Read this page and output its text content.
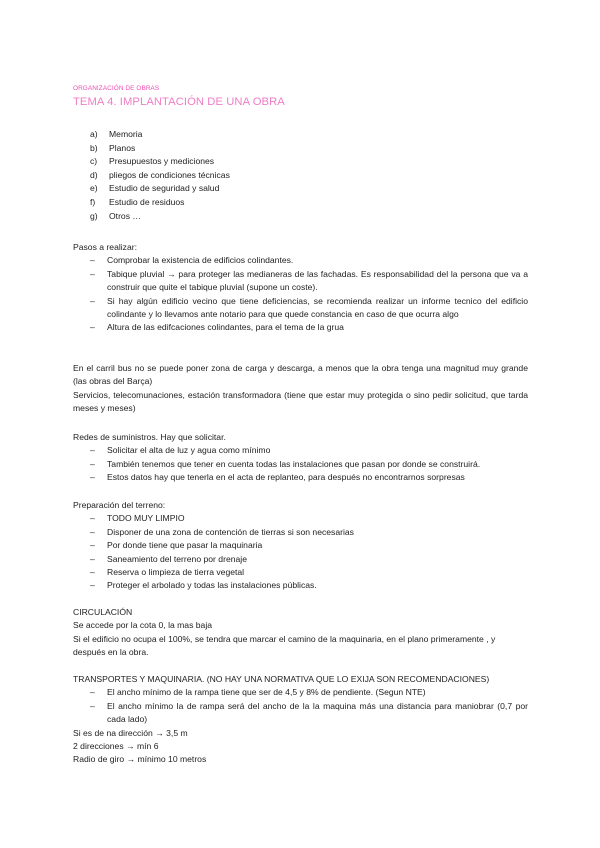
ORGANIZACIÓN DE OBRAS
TEMA 4. IMPLANTACIÓN DE UNA OBRA
a)	Memoria
b)	Planos
c)	Presupuestos y mediciones
d)	pliegos de condiciones técnicas
e)	Estudio de seguridad y salud
f)	Estudio de residuos
g)	Otros …

Pasos a realizar:

– Comprobar la existencia de edificios colindantes.
– Tabique pluvial → para proteger las medianeras de las fachadas. Es responsabilidad del la persona que va a construir que quite el tabique pluvial (supone un coste).
– Si hay algún edificio vecino que tiene deficiencias, se recomienda realizar un informe tecnico del edificio colindante y lo llevamos ante notario para que quede constancia en caso de que ocurra algo
– Altura de las edifcaciones colindantes, para el tema de la grua

En el carril bus no se puede poner zona de carga y descarga, a menos que la obra tenga una magnitud muy grande (las obras del Barça)

Servicios, telecomunaciones, estación transformadora (tiene que estar muy protegida o sino pedir solicitud, que tarda meses y meses)

Redes de suministros. Hay que solicitar.

– Solicitar el alta de luz y agua como mínimo
– También tenemos que tener en cuenta todas las instalaciones que pasan por donde se construirá.
– Estos datos hay que tenerla en el acta de replanteo, para después no encontrarnos sorpresas

Preparación del terreno:

– TODO MUY LIMPIO
– Disponer de una zona de contención de tierras si son necesarias
– Por donde tiene que pasar la maquinaria
– Saneamiento del terreno por drenaje
– Reserva o limpieza de tierra vegetal
– Proteger el arbolado y todas las instalaciones públicas.

CIRCULACIÓN

Se accede por la cota 0, la mas baja

Si el edificio no ocupa el 100%, se tendra que marcar el camino de la maquinaria, en el plano primeramente , y después en la obra.

TRANSPORTES Y MAQUINARIA. (NO HAY UNA NORMATIVA QUE LO EXIJA SON RECOMENDACIONES)

– El ancho mínimo de la rampa tiene que ser de 4,5 y 8% de pendiente. (Segun NTE)
– El ancho mínimo la de rampa será del ancho de la la maquina más una distancia para maniobrar (0,7 por cada lado)

Si es de na dirección → 3,5 m

2 direcciones → mín 6

Radio de giro → mínimo 10 metros
